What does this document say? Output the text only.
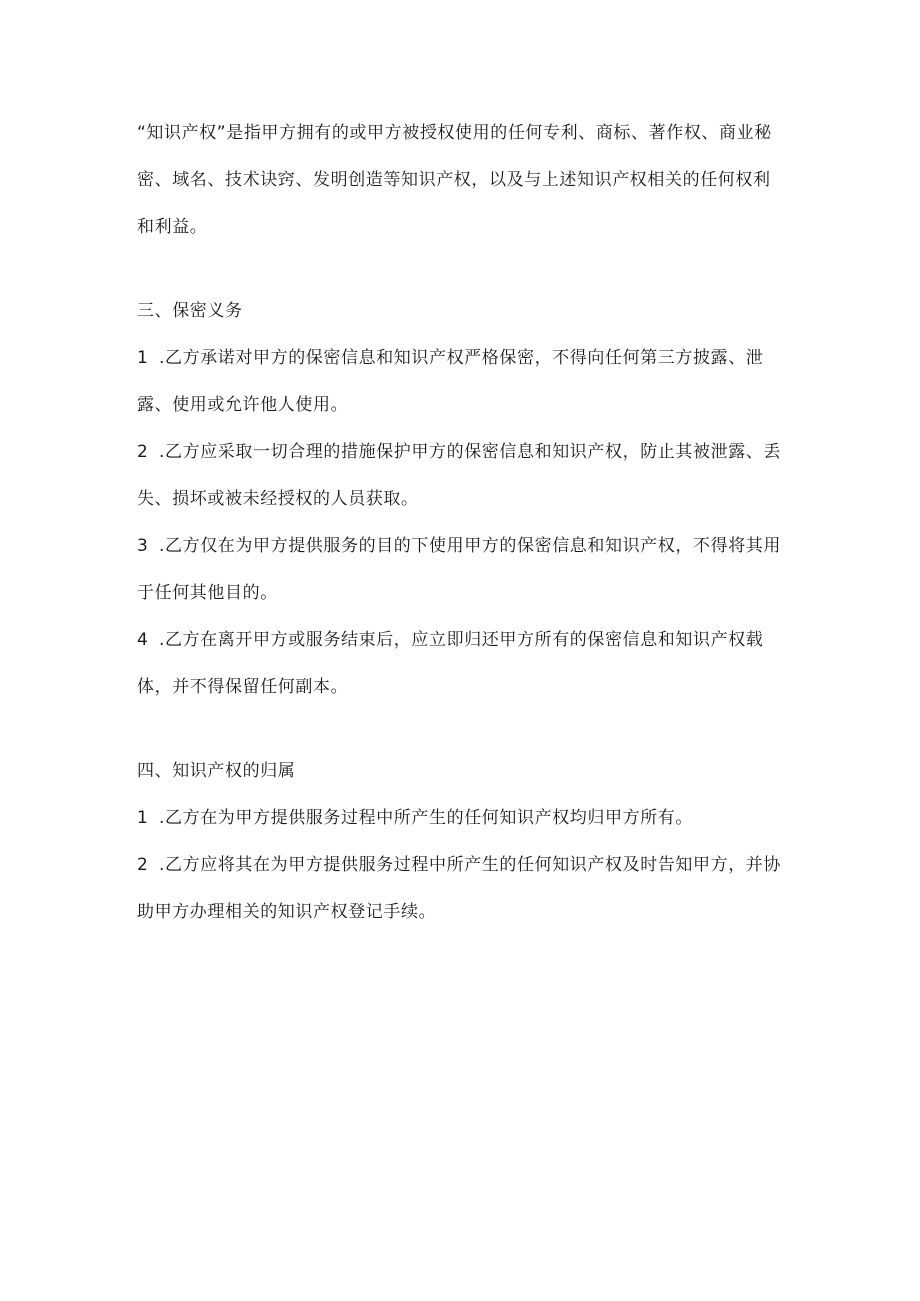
“知识产权”是指甲方拥有的或甲方被授权使用的任何专利、商标、著作权、商业秘密、域名、技术诀窍、发明创造等知识产权，以及与上述知识产权相关的任何权利和利益。

三、保密义务

1 .乙方承诺对甲方的保密信息和知识产权严格保密，不得向任何第三方披露、泄露、使用或允许他人使用。

2 .乙方应采取一切合理的措施保护甲方的保密信息和知识产权，防止其被泄露、丢失、损坏或被未经授权的人员获取。

3 .乙方仅在为甲方提供服务的目的下使用甲方的保密信息和知识产权，不得将其用于任何其他目的。

4 .乙方在离开甲方或服务结束后，应立即归还甲方所有的保密信息和知识产权载体，并不得保留任何副本。

四、知识产权的归属

1 .乙方在为甲方提供服务过程中所产生的任何知识产权均归甲方所有。

2 .乙方应将其在为甲方提供服务过程中所产生的任何知识产权及时告知甲方，并协助甲方办理相关的知识产权登记手续。
